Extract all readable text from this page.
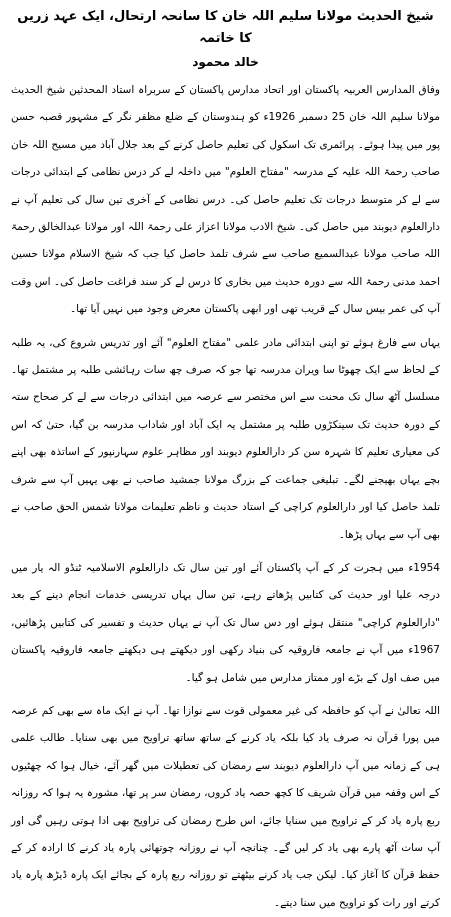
شیخ الحدیث مولانا سلیم اللہ خان کا سانحہ ارتحال، ایک عہد زریں کا خاتمہ
خالد محمود

وفاق المدارس العربیہ پاکستان اور اتحاد مدارس پاکستان کے سربراہ استاد المحدثین شیخ الحدیث مولانا سلیم اللہ خان 25 دسمبر 1926ء کو ہندوستان کے ضلع مظفر نگر کے مشہور قصبہ حسن پور میں پیدا ہوئے۔ پرائمری تک اسکول کی تعلیم حاصل کرنے کے بعد جلال آباد میں مسیح اللہ خان صاحب رحمۃ اللہ علیہ کے مدرسہ "مفتاح العلوم" میں داخلہ لے کر درس نظامی کے ابتدائی درجات سے لے کر متوسط درجات تک تعلیم حاصل کی۔ درس نظامی کے آخری تین سال کی تعلیم آپ نے دارالعلوم دیوبند میں حاصل کی۔ شیخ الادب مولانا اعزاز علی رحمۃ اللہ اور مولانا عبدالخالق رحمۃ اللہ صاحب مولانا عبدالسمیع صاحب سے شرف تلمذ حاصل کیا جب کہ شیخ الاسلام مولانا حسین احمد مدنی رحمۃ اللہ سے دورہ حدیث میں بخاری کا درس لے کر سند فراغت حاصل کی۔ اس وقت آپ کی عمر بیس سال کے قریب تھی اور ابھی پاکستان معرض وجود میں نہیں آیا تھا۔

یہاں سے فارغ ہوئے تو اپنی ابتدائی مادر علمی "مفتاح العلوم" آئے اور تدریس شروع کی، یہ طلبہ کے لحاظ سے ایک چھوٹا سا ویران مدرسہ تھا جو کہ صرف چھ سات رہائشی طلبہ پر مشتمل تھا۔ مسلسل آٹھ سال تک محنت سے اس مختصر سے عرصہ میں ابتدائی درجات سے لے کر صحاح ستہ کے دورہ حدیث تک سینکڑوں طلبہ پر مشتمل یہ ایک آباد اور شاداب مدرسہ بن گیا، حتیٰ کہ اس کی معیاری تعلیم کا شہرہ سن کر دارالعلوم دیوبند اور مظاہر علوم سہارنپور کے اساتذہ بھی اپنے بچے یہاں بھیجنے لگے۔ تبلیغی جماعت کے بزرگ مولانا جمشید صاحب نے بھی یہیں آپ سے شرف تلمذ حاصل کیا اور دارالعلوم کراچی کے استاد حدیث و ناظم تعلیمات مولانا شمس الحق صاحب نے بھی آپ سے یہاں پڑھا۔

1954ء میں ہجرت کر کے آپ پاکستان آئے اور تین سال تک دارالعلوم الاسلامیہ ٹنڈو الہ یار میں درجہ علیا اور حدیث کی کتابیں پڑھاتے رہے، تین سال یہاں تدریسی خدمات انجام دینے کے بعد "دارالعلوم کراچی" منتقل ہوئے اور دس سال تک آپ نے یہاں حدیث و تفسیر کی کتابیں پڑھائیں، 1967ء میں آپ نے جامعہ فاروقیہ کی بنیاد رکھی اور دیکھتے ہی دیکھتے جامعہ فاروقیہ پاکستان میں صف اول کے بڑے اور ممتاز مدارس میں شامل ہو گیا۔

اللہ تعالیٰ نے آپ کو حافظہ کی غیر معمولی قوت سے نوازا تھا۔ آپ نے ایک ماہ سے بھی کم عرصہ میں پورا قرآن نہ صرف یاد کیا بلکہ یاد کرنے کے ساتھ ساتھ تراویح میں بھی سنایا۔ طالب علمی ہی کے زمانہ میں آپ دارالعلوم دیوبند سے رمضان کی تعطیلات میں گھر آئے، خیال ہوا کہ چھٹیوں کے اس وقفہ میں قرآن شریف کا کچھ حصہ یاد کروں، رمضان سر پر تھا، مشورہ یہ ہوا کہ روزانہ ربع پارہ یاد کر کے تراویح میں سنایا جائے، اس طرح رمضان کی تراویح بھی ادا ہوتی رہیں گی اور آپ سات آٹھ پارے بھی یاد کر لیں گے۔ چنانچہ آپ نے روزانہ چوتھائی پارہ یاد کرنے کا ارادہ کر کے حفظ قرآن کا آغاز کیا۔ لیکن جب یاد کرنے بیٹھتے تو روزانہ ربع پارہ کے بجائے ایک پارہ ڈیڑھ پارہ یاد کرتے اور رات کو تراویح میں سنا دیتے۔
